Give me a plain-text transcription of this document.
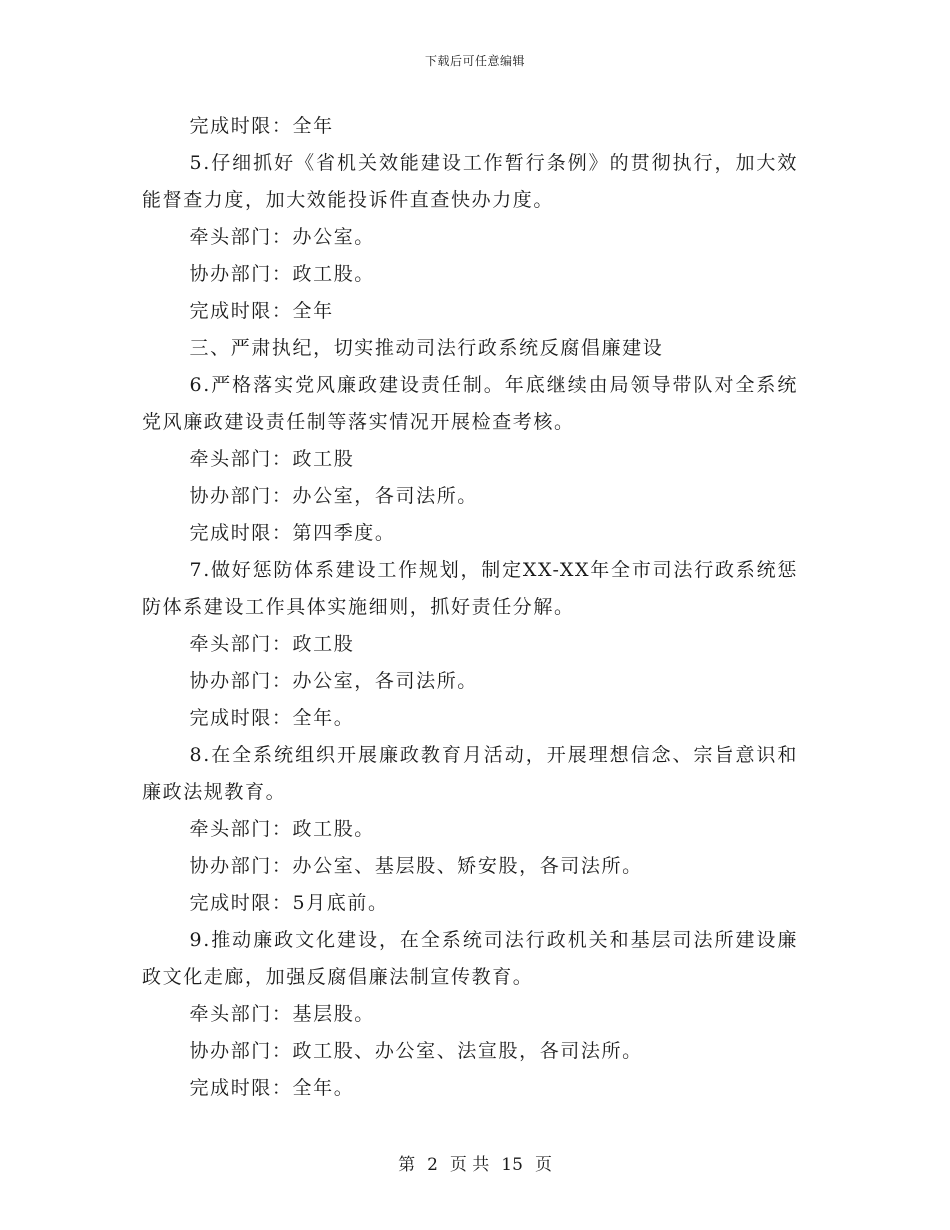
下载后可任意编辑

完成时限：全年

5.仔细抓好《省机关效能建设工作暂行条例》的贯彻执行，加大效能督查力度，加大效能投诉件直查快办力度。

牵头部门：办公室。

协办部门：政工股。

完成时限：全年

三、严肃执纪，切实推动司法行政系统反腐倡廉建设

6.严格落实党风廉政建设责任制。年底继续由局领导带队对全系统党风廉政建设责任制等落实情况开展检查考核。

牵头部门：政工股

协办部门：办公室，各司法所。

完成时限：第四季度。

7.做好惩防体系建设工作规划，制定XX-XX年全市司法行政系统惩防体系建设工作具体实施细则，抓好责任分解。

牵头部门：政工股

协办部门：办公室，各司法所。

完成时限：全年。

8.在全系统组织开展廉政教育月活动，开展理想信念、宗旨意识和廉政法规教育。

牵头部门：政工股。

协办部门：办公室、基层股、矫安股，各司法所。

完成时限：5月底前。

9.推动廉政文化建设，在全系统司法行政机关和基层司法所建设廉政文化走廊，加强反腐倡廉法制宣传教育。

牵头部门：基层股。

协办部门：政工股、办公室、法宣股，各司法所。

完成时限：全年。

第 2 页 共 15 页
